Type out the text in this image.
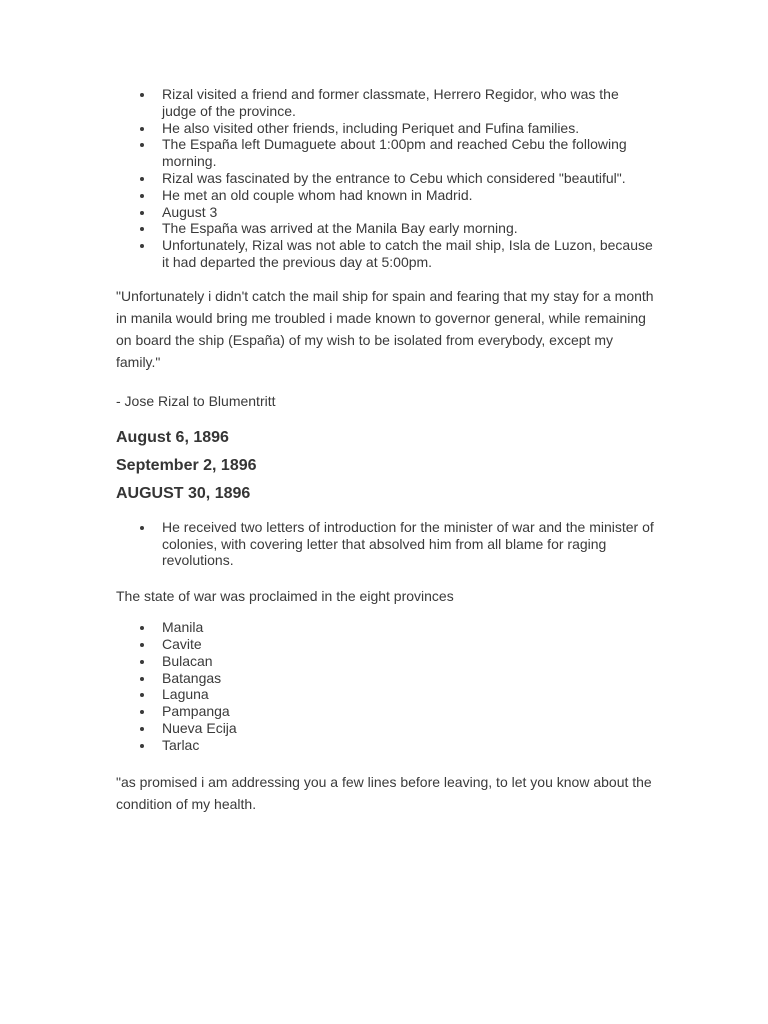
Rizal visited a friend and former classmate, Herrero Regidor, who was the judge of the province.
He also visited other friends, including Periquet and Fufina families.
The España left Dumaguete about 1:00pm and reached Cebu the following morning.
Rizal was fascinated by the entrance to Cebu which considered "beautiful".
He met an old couple whom had known in Madrid.
August 3
The España was arrived at the Manila Bay early morning.
Unfortunately, Rizal was not able to catch the mail ship, Isla de Luzon, because it had departed the previous day at 5:00pm.

"Unfortunately i didn't catch the mail ship for spain and fearing that my stay for a month in manila would bring me troubled i made known to governor general, while remaining on board the ship (España) of my wish to be isolated from everybody, except my family."

- Jose Rizal to Blumentritt

August 6, 1896

September 2, 1896

AUGUST 30, 1896

He received two letters of introduction for the minister of war and the minister of colonies, with covering letter that absolved him from all blame for raging revolutions.

The state of war was proclaimed in the eight provinces

Manila
Cavite
Bulacan
Batangas
Laguna
Pampanga
Nueva Ecija
Tarlac

"as promised i am addressing you a few lines before leaving, to let you know about the condition of my health.
